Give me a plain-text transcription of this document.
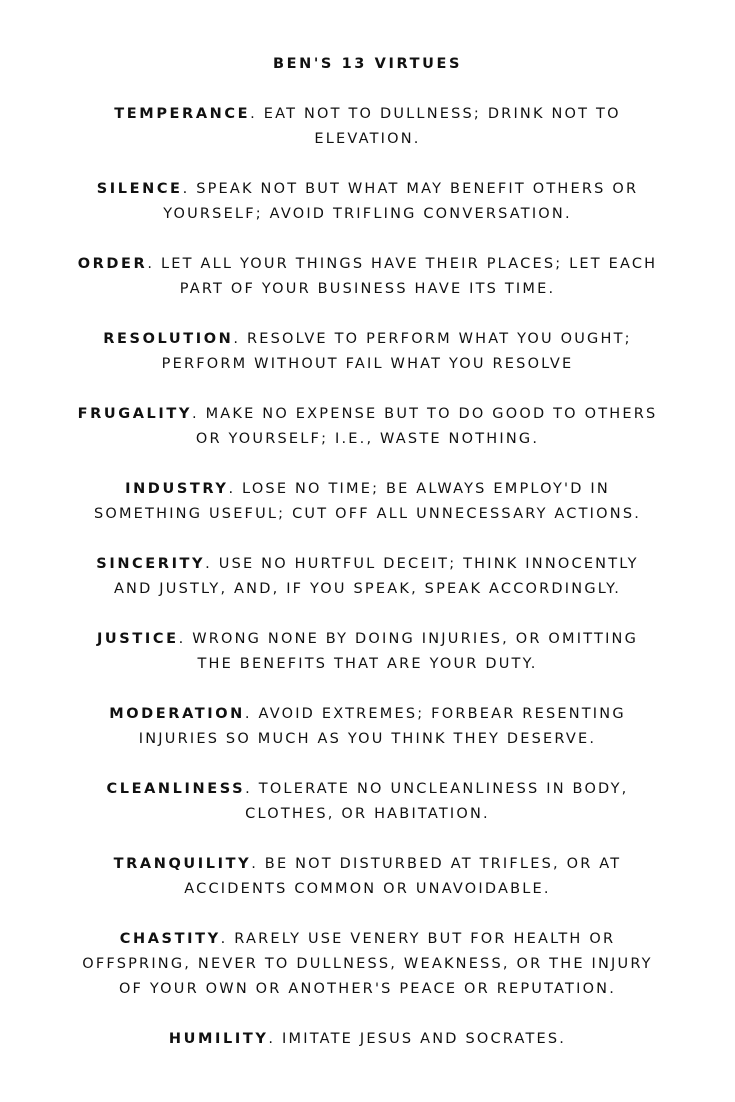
BEN'S 13 VIRTUES

TEMPERANCE. EAT NOT TO DULLNESS; DRINK NOT TO
ELEVATION.

SILENCE. SPEAK NOT BUT WHAT MAY BENEFIT OTHERS OR
YOURSELF; AVOID TRIFLING CONVERSATION.

ORDER. LET ALL YOUR THINGS HAVE THEIR PLACES; LET EACH
PART OF YOUR BUSINESS HAVE ITS TIME.

RESOLUTION. RESOLVE TO PERFORM WHAT YOU OUGHT;
PERFORM WITHOUT FAIL WHAT YOU RESOLVE

FRUGALITY. MAKE NO EXPENSE BUT TO DO GOOD TO OTHERS
OR YOURSELF; I.E., WASTE NOTHING.

INDUSTRY. LOSE NO TIME; BE ALWAYS EMPLOY'D IN
SOMETHING USEFUL; CUT OFF ALL UNNECESSARY ACTIONS.

SINCERITY. USE NO HURTFUL DECEIT; THINK INNOCENTLY
AND JUSTLY, AND, IF YOU SPEAK, SPEAK ACCORDINGLY.

JUSTICE. WRONG NONE BY DOING INJURIES, OR OMITTING
THE BENEFITS THAT ARE YOUR DUTY.

MODERATION. AVOID EXTREMES; FORBEAR RESENTING
INJURIES SO MUCH AS YOU THINK THEY DESERVE.

CLEANLINESS. TOLERATE NO UNCLEANLINESS IN BODY,
CLOTHES, OR HABITATION.

TRANQUILITY. BE NOT DISTURBED AT TRIFLES, OR AT
ACCIDENTS COMMON OR UNAVOIDABLE.

CHASTITY. RARELY USE VENERY BUT FOR HEALTH OR
OFFSPRING, NEVER TO DULLNESS, WEAKNESS, OR THE INJURY
OF YOUR OWN OR ANOTHER'S PEACE OR REPUTATION.

HUMILITY. IMITATE JESUS AND SOCRATES.
